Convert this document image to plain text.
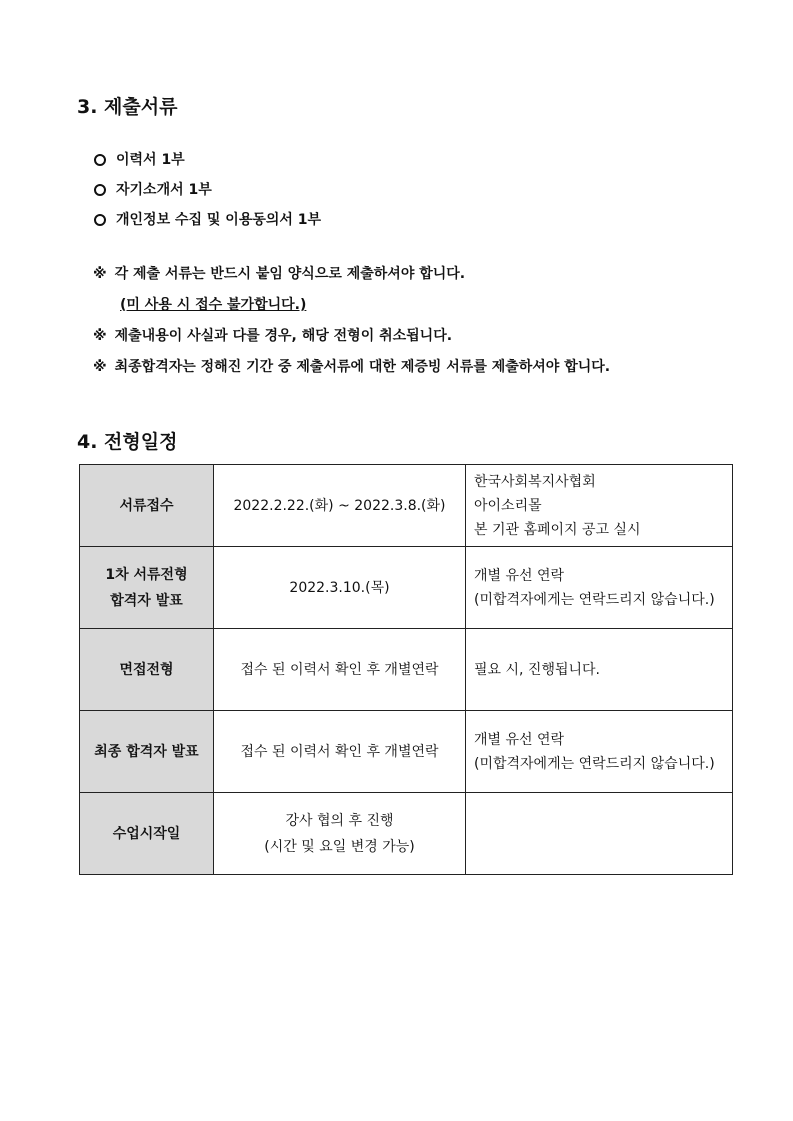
3. 제출서류
이력서 1부
자기소개서 1부
개인정보 수집 및 이용동의서 1부
※ 각 제출 서류는 반드시 붙임 양식으로 제출하셔야 합니다.
(미 사용 시 접수 불가합니다.)
※ 제출내용이 사실과 다를 경우, 해당 전형이 취소됩니다.
※ 최종합격자는 정해진 기간 중 제출서류에 대한 제증빙 서류를 제출하셔야 합니다.
4. 전형일정
서류접수	2022.2.22.(화) ~ 2022.3.8.(화)	한국사회복지사협회
아이소리몰
본 기관 홈페이지 공고 실시

1차 서류전형
합격자 발표	2022.3.10.(목)	개별 유선 연락
(미합격자에게는 연락드리지 않습니다.)

면접전형	접수 된 이력서 확인 후 개별연락	필요 시, 진행됩니다.

최종 합격자 발표	접수 된 이력서 확인 후 개별연락	개별 유선 연락
(미합격자에게는 연락드리지 않습니다.)

수업시작일	강사 협의 후 진행
(시간 및 요일 변경 가능)	
